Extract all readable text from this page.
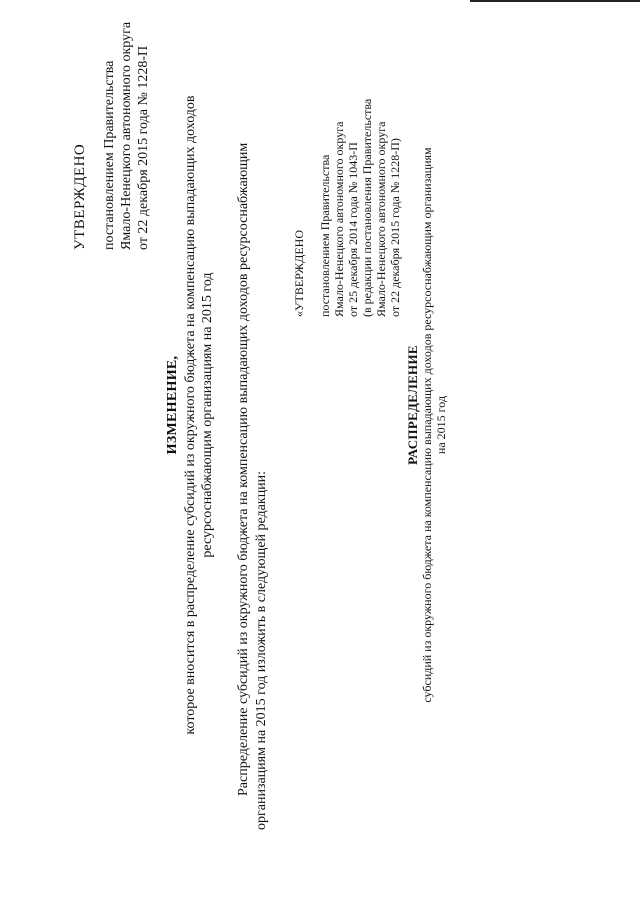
УТВЕРЖДЕНО постановлением Правительства Ямало-Ненецкого автономного округа от 22 декабря 2015 года № 1228-П
ИЗМЕНЕНИЕ, которое вносится в распределение субсидий из окружного бюджета на компенсацию выпадающих доходов ресурсоснабжающим организациям на 2015 год Распределение субсидий из окружного бюджета на компенсацию выпадающих доходов ресурсоснабжающим организациям на 2015 год изложить в следующей редакции:
«УТВЕРЖДЕНО постановлением Правительства Ямало-Ненецкого автономного округа от 25 декабря 2014 года № 1043-П (в редакции постановления Правительства Ямало-Ненецкого автономного округа от 22 декабря 2015 года № 1228-П)
РАСПРЕДЕЛЕНИЕ субсидий из окружного бюджета на компенсацию выпадающих доходов ресурсоснабжающим организациям на 2015 год
